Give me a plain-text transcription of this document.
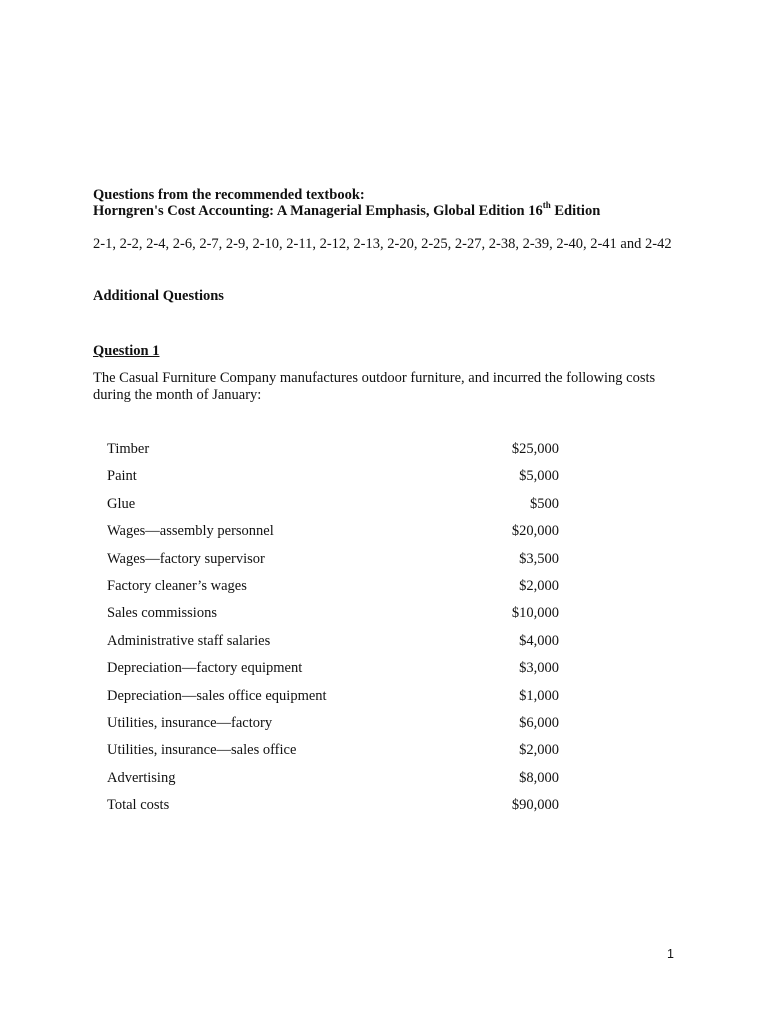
Questions from the recommended textbook:
Horngren's Cost Accounting: A Managerial Emphasis, Global Edition 16th Edition
2-1, 2-2, 2-4, 2-6, 2-7, 2-9, 2-10, 2-11, 2-12, 2-13, 2-20, 2-25, 2-27, 2-38, 2-39, 2-40, 2-41 and 2-42
Additional Questions
Question 1
The Casual Furniture Company manufactures outdoor furniture, and incurred the following costs during the month of January:
Timber	$25,000
Paint	$5,000
Glue	$500
Wages—assembly personnel	$20,000
Wages—factory supervisor	$3,500
Factory cleaner’s wages	$2,000
Sales commissions	$10,000
Administrative staff salaries	$4,000
Depreciation—factory equipment	$3,000
Depreciation—sales office equipment	$1,000
Utilities, insurance—factory	$6,000
Utilities, insurance—sales office	$2,000
Advertising	$8,000
Total costs	$90,000
1
